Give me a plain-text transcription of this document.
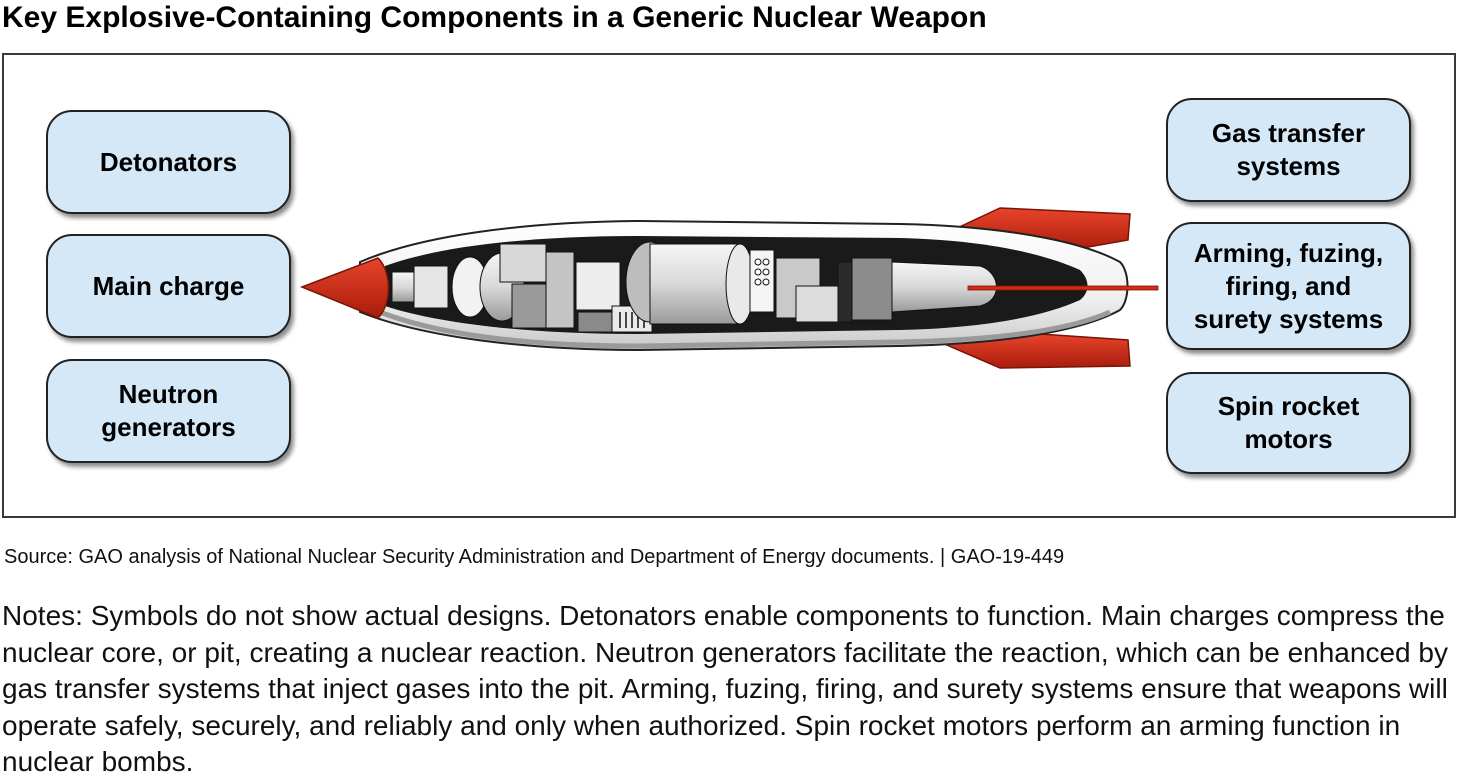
Key Explosive-Containing Components in a Generic Nuclear Weapon
Detonators
Main charge
Neutron
generators
Gas transfer
systems
Arming, fuzing,
firing, and
surety systems
Spin rocket
motors
Source: GAO analysis of National Nuclear Security Administration and Department of Energy documents. | GAO-19-449
Notes: Symbols do not show actual designs. Detonators enable components to function. Main charges compress the nuclear core, or pit, creating a nuclear reaction. Neutron generators facilitate the reaction, which can be enhanced by gas transfer systems that inject gases into the pit. Arming, fuzing, firing, and surety systems ensure that weapons will operate safely, securely, and reliably and only when authorized. Spin rocket motors perform an arming function in nuclear bombs.
